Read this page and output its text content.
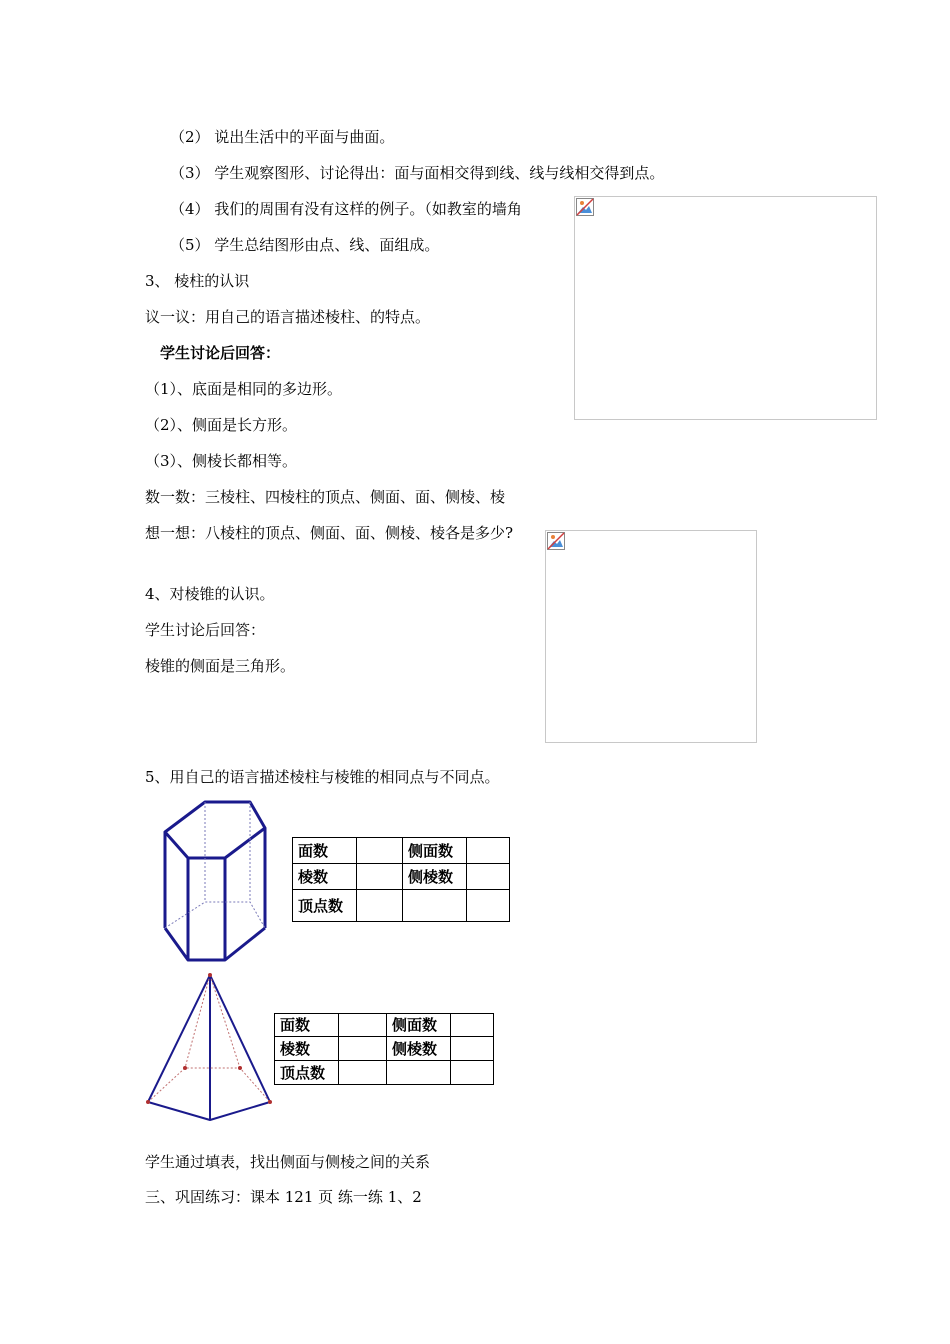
（2） 说出生活中的平面与曲面。
（3） 学生观察图形、讨论得出：面与面相交得到线、线与线相交得到点。
（4） 我们的周围有没有这样的例子。（如教室的墙角
（5） 学生总结图形由点、线、面组成。
3、 棱柱的认识
议一议：用自己的语言描述棱柱、的特点。
学生讨论后回答：
（1）、底面是相同的多边形。
（2）、侧面是长方形。
（3）、侧棱长都相等。
数一数：三棱柱、四棱柱的顶点、侧面、面、侧棱、棱
想一想：八棱柱的顶点、侧面、面、侧棱、棱各是多少?
4、对棱锥的认识。
学生讨论后回答：
棱锥的侧面是三角形。
5、用自己的语言描述棱柱与棱锥的相同点与不同点。
学生通过填表，找出侧面与侧棱之间的关系
三、巩固练习：课本 121 页 练一练 1、2
面数		侧面数	
棱数		侧棱数	
顶点数			
面数		侧面数	
棱数		侧棱数	
顶点数			
